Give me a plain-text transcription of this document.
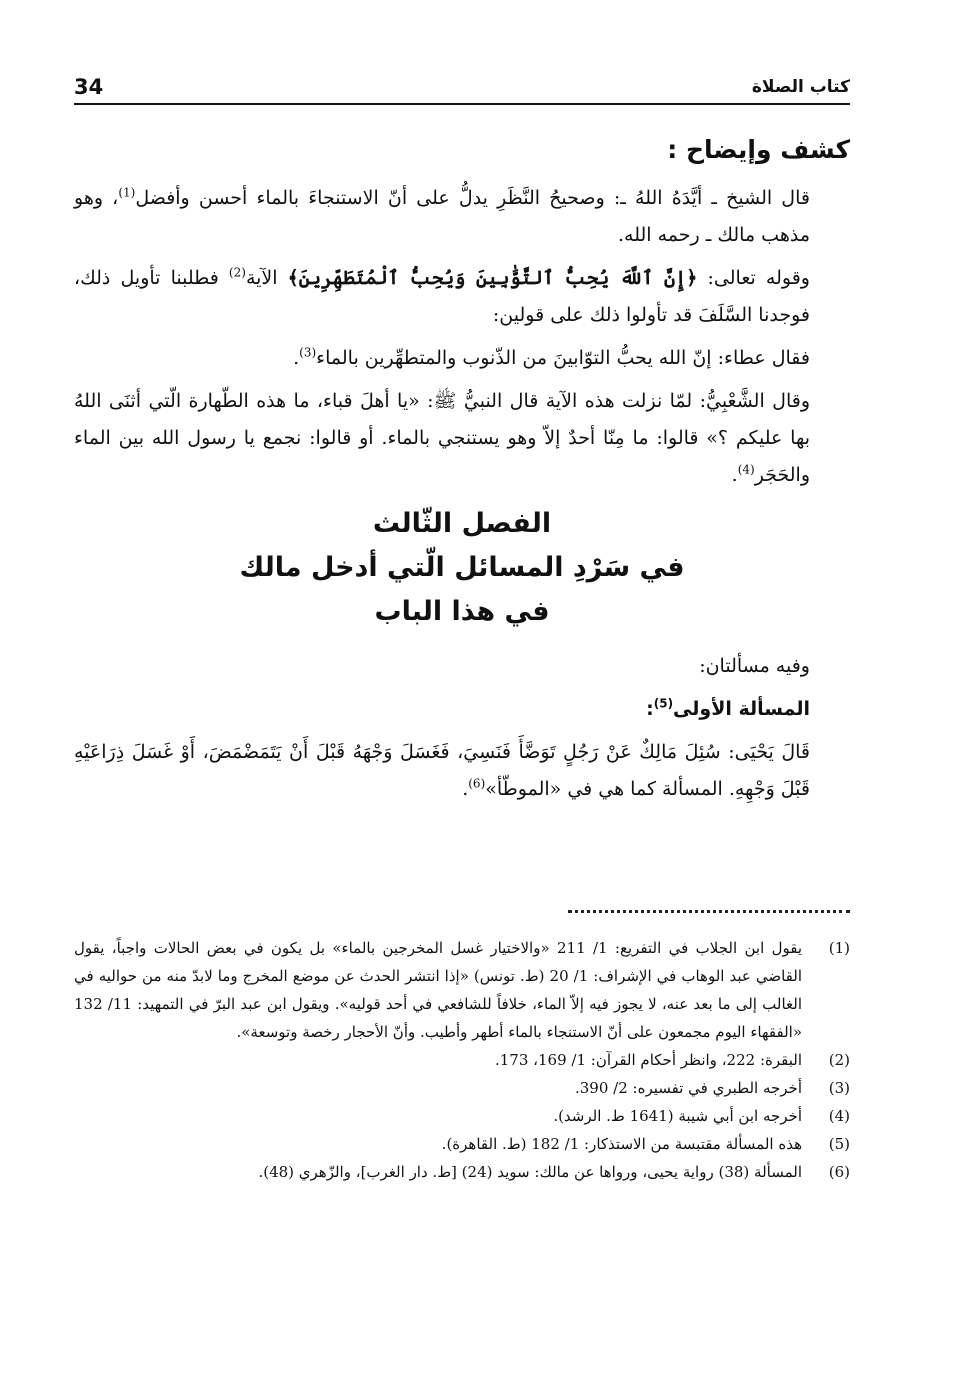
34	كتاب الصلاة
كشف وإيضاح :

قال الشيخ ـ أيَّدَهُ اللهُ ـ: وصحيحُ النَّظَرِ يدلُّ على أنّ الاستنجاءَ بالماء أحسن وأفضل$^{(1)}$، وهو مذهب مالك ـ رحمه الله.

وقوله تعالى: ﴿إِنَّ ٱللَّهَ يُحِبُّ ٱلتَّوَّٰبِينَ وَيُحِبُّ ٱلْمُتَطَهِّرِينَ﴾ الآية$^{(2)}$ فطلبنا تأويل ذلك، فوجدنا السَّلَفَ قد تأولوا ذلك على قولين:

فقال عطاء: إنّ الله يحبُّ التوّابينَ من الذّنوب والمتطهِّرين بالماء$^{(3)}$.

وقال الشَّعْبِيُّ: لمّا نزلت هذه الآية قال النبيُّ ﷺ: «يا أهلَ قباء، ما هذه الطّهارة الّتي أثنَى اللهُ بها عليكم ؟» قالوا: ما مِنّا أحدٌ إلاّ وهو يستنجي بالماء. أو قالوا: نجمع يا رسول الله بين الماء والحَجَر$^{(4)}$.

الفصل الثّالث
في سَرْدِ المسائل الّتي أدخل مالك
في هذا الباب

وفيه مسألتان:

المسألة الأولى$^{(5)}$:

قَالَ يَحْيَى: سُئِلَ مَالِكٌ عَنْ رَجُلٍ تَوَضَّأَ فَنَسِيَ، فَغَسَلَ وَجْهَهُ قَبْلَ أَنْ يَتَمَضْمَضَ، أَوْ غَسَلَ ذِرَاعَيْهِ قَبْلَ وَجْهِهِ. المسألة كما هي في «الموطّأ»$^{(6)}$.

(1)
يقول ابن الجلاب في التفريع: 1/ 211 «والاختيار غسل المخرجين بالماء» بل يكون في بعض الحالات واجباً، يقول القاضي عبد الوهاب في الإشراف: 1/ 20 (ط. تونس) «إذا انتشر الحدث عن موضع المخرج وما لابدّ منه من حواليه في الغالب إلى ما بعد عنه، لا يجوز فيه إلاّ الماء، خلافاً للشافعي في أحد قوليه». ويقول ابن عبد البرّ في التمهيد: 11/ 132 «الفقهاء اليوم مجمعون على أنّ الاستنجاء بالماء أطهر وأطيب. وأنّ الأحجار رخصة وتوسعة».
(2)
البقرة: 222، وانظر أحكام القرآن: 1/ 169، 173.
(3)
أخرجه الطبري في تفسيره: 2/ 390.
(4)
أخرجه ابن أبي شيبة (1641 ط. الرشد).
(5)
هذه المسألة مقتبسة من الاستذكار: 1/ 182 (ط. القاهرة).
(6)
المسألة (38) رواية يحيى، ورواها عن مالك: سويد (24) [ط. دار الغرب]، والزّهري (48).
